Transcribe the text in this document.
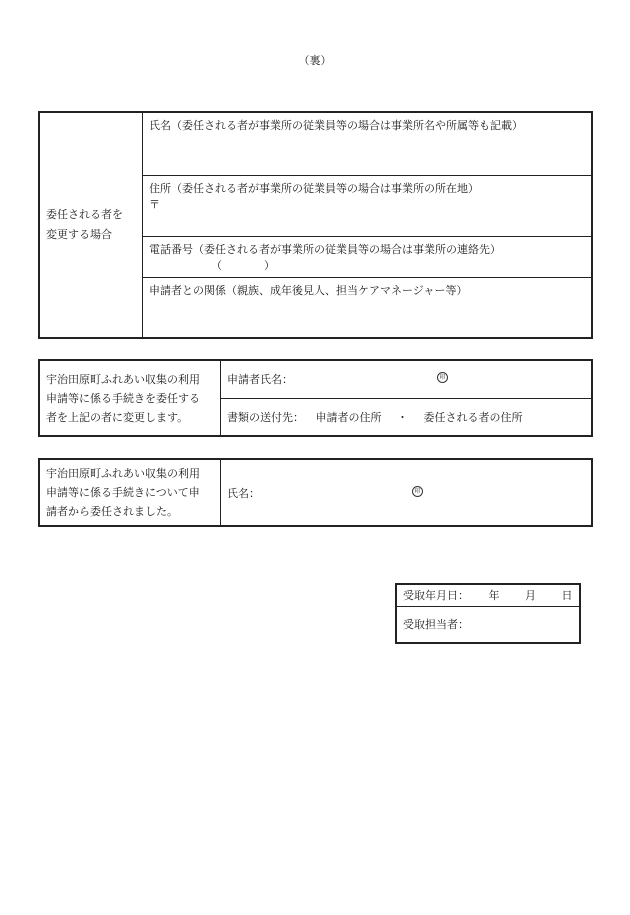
（裏）
委任される者を
変更する場合

氏名（委任される者が事業所の従業員等の場合は事業所名や所属等も記載）

住所（委任される者が事業所の従業員等の場合は事業所の所在地）
〒

電話番号（委任される者が事業所の従業員等の場合は事業所の連絡先）
（	）

申請者との関係（親族、成年後見人、担当ケアマネージャー等）
宇治田原町ふれあい収集の利用
申請等に係る手続きを委任する
者を上記の者に変更します。

申請者氏名：	印

書類の送付先： 申請者の住所 ・ 委任される者の住所
宇治田原町ふれあい収集の利用
申請等に係る手続きについて申
請者から委任されました。

氏名：	印
受取年月日： 年 月 日

受取担当者：
